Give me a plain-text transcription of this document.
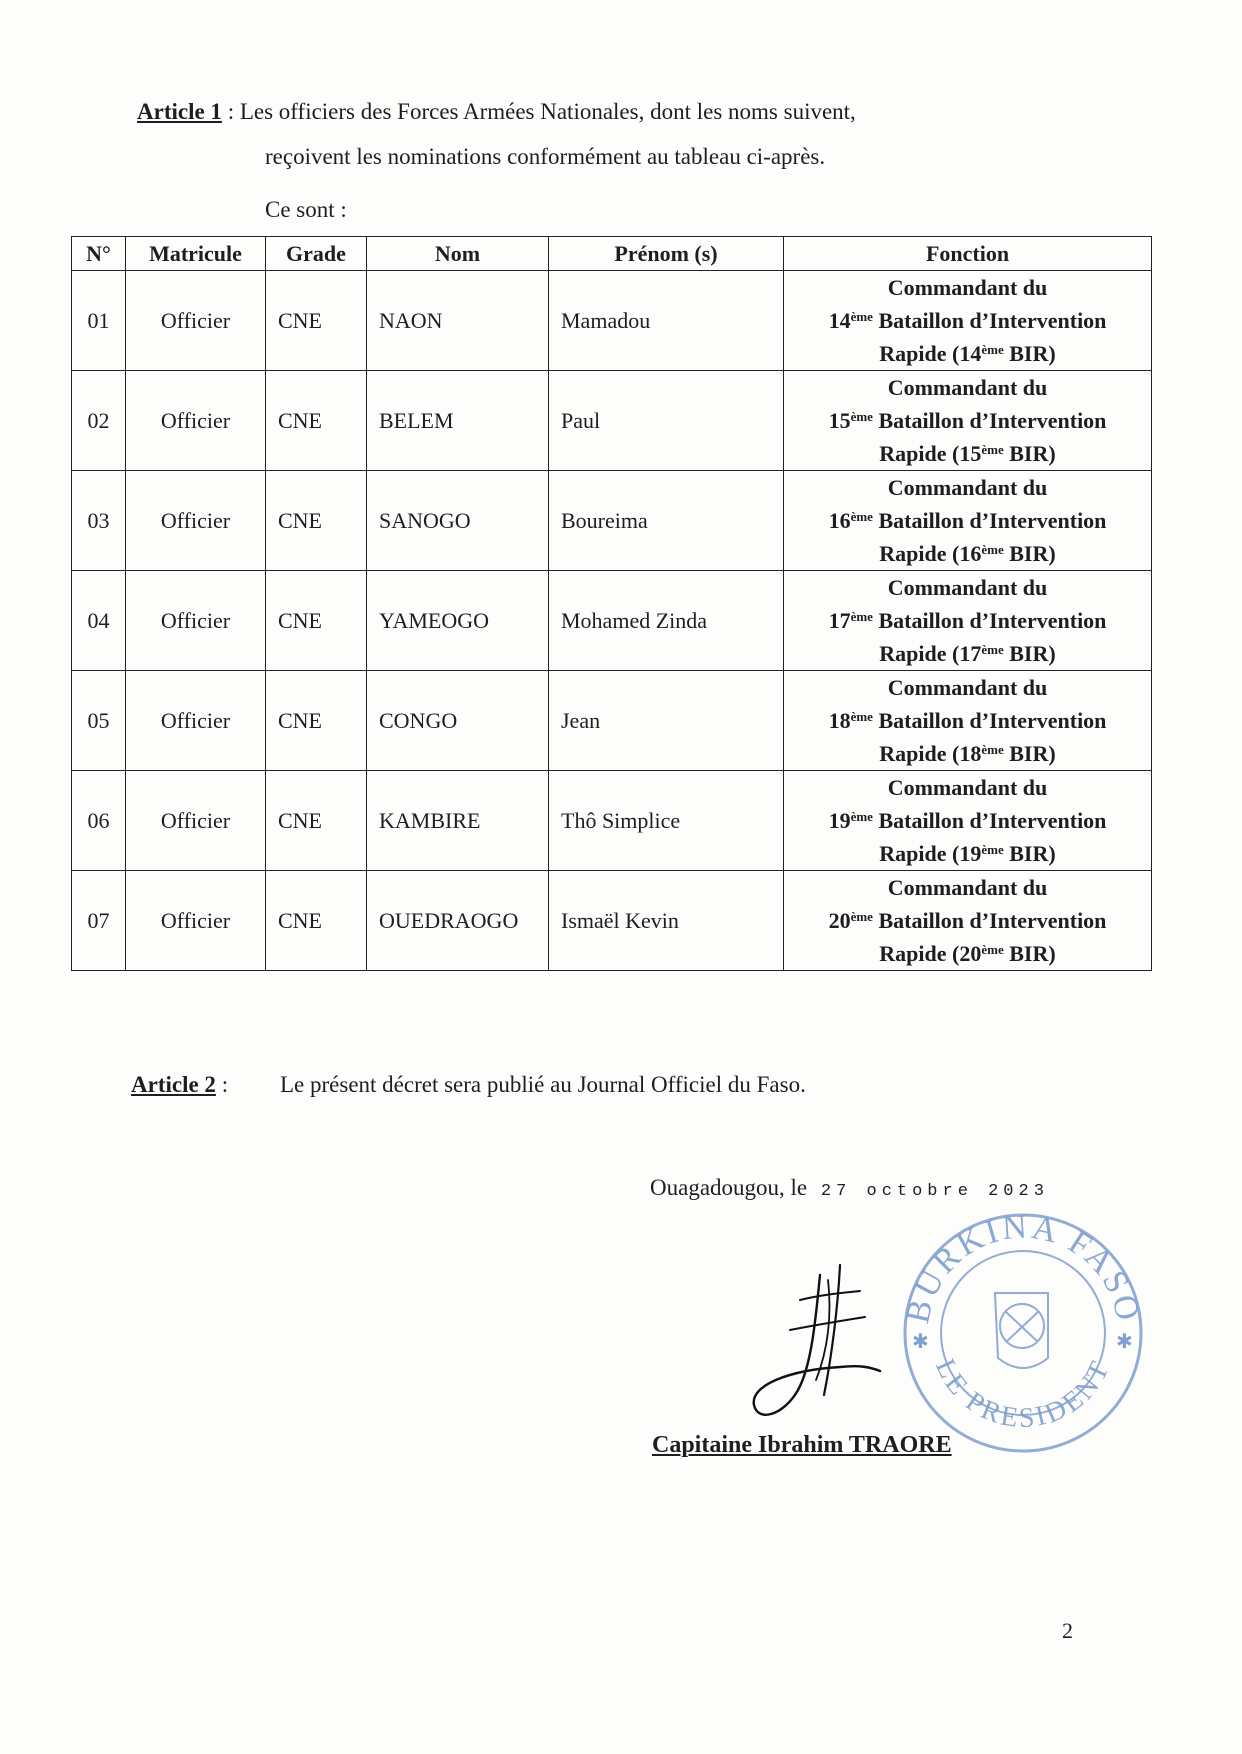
Article 1 : Les officiers des Forces Armées Nationales, dont les noms suivent,
reçoivent les nominations conformément au tableau ci-après.
Ce sont :
N°	Matricule	Grade	Nom	Prénom (s)	Fonction
01	Officier	CNE	NAON	Mamadou	Commandant du
14ème Bataillon d’Intervention
Rapide (14ème BIR)
02	Officier	CNE	BELEM	Paul	Commandant du
15ème Bataillon d’Intervention
Rapide (15ème BIR)
03	Officier	CNE	SANOGO	Boureima	Commandant du
16ème Bataillon d’Intervention
Rapide (16ème BIR)
04	Officier	CNE	YAMEOGO	Mohamed Zinda	Commandant du
17ème Bataillon d’Intervention
Rapide (17ème BIR)
05	Officier	CNE	CONGO	Jean	Commandant du
18ème Bataillon d’Intervention
Rapide (18ème BIR)
06	Officier	CNE	KAMBIRE	Thô Simplice	Commandant du
19ème Bataillon d’Intervention
Rapide (19ème BIR)
07	Officier	CNE	OUEDRAOGO	Ismaël Kevin	Commandant du
20ème Bataillon d’Intervention
Rapide (20ème BIR)
Article 2 : Le présent décret sera publié au Journal Officiel du Faso.
Ouagadougou, le 27 octobre 2023
BURKINA FASO
LE PRESIDENT
✱	✱
Capitaine Ibrahim TRAORE
2
